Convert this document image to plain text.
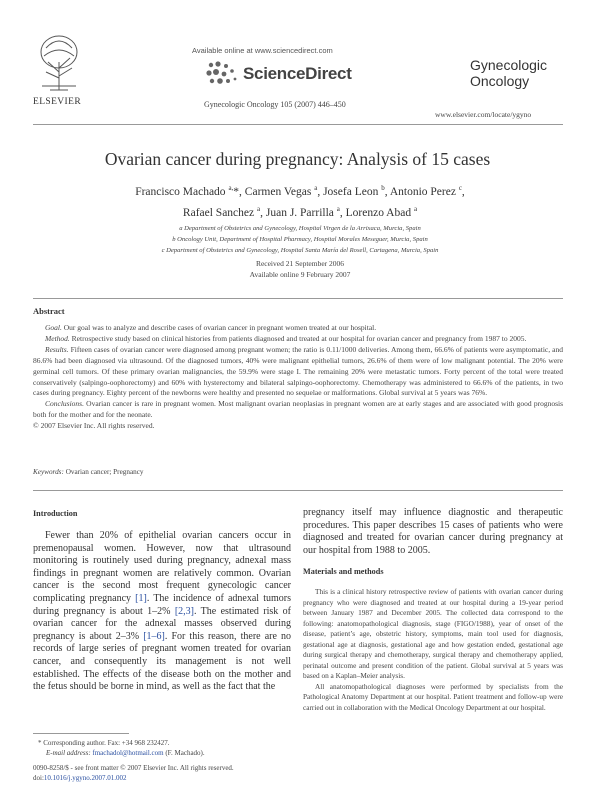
ELSEVIER
Available online at www.sciencedirect.com
ScienceDirect
Gynecologic Oncology 105 (2007) 446–450
Gynecologic
Oncology
www.elsevier.com/locate/ygyno
Ovarian cancer during pregnancy: Analysis of 15 cases
Francisco Machado $^{a,}$*, Carmen Vegas $^a$, Josefa Leon $^b$, Antonio Perez $^c$,
Rafael Sanchez $^a$, Juan J. Parrilla $^a$, Lorenzo Abad $^a$
a Department of Obstetrics and Gynecology, Hospital Virgen de la Arrixaca, Murcia, Spain
b Oncology Unit, Department of Hospital Pharmacy, Hospital Morales Meseguer, Murcia, Spain
c Department of Obstetrics and Gynecology, Hospital Santa María del Rosell, Cartagena, Murcia, Spain
Received 21 September 2006
Available online 9 February 2007
Abstract

Goal. Our goal was to analyze and describe cases of ovarian cancer in pregnant women treated at our hospital.

Method. Retrospective study based on clinical histories from patients diagnosed and treated at our hospital for ovarian cancer and pregnancy from 1987 to 2005.

Results. Fifteen cases of ovarian cancer were diagnosed among pregnant women; the ratio is 0.11/1000 deliveries. Among them, 66.6% of patients were asymptomatic, and 86.6% had been diagnosed via ultrasound. Of the diagnosed tumors, 40% were malignant epithelial tumors, 26.6% of them were of low malignant potential. The 20% were germinal cell tumors. Of these primary ovarian malignancies, the 59.9% were stage I. The remaining 20% were metastatic tumors. Forty percent of the total were treated conservatively (salpingo-oophorectomy) and 60% with hysterectomy and bilateral salpingo-oophorectomy. Chemotherapy was administered to 66.6% of the patients, in two cases during pregnancy. Eighty percent of the newborns were healthy and presented no sequelae or malformations. Global survival at 5 years was 76%.

Conclusions. Ovarian cancer is rare in pregnant women. Most malignant ovarian neoplasias in pregnant women are at early stages and are associated with good prognosis both for the mother and for the neonate.

© 2007 Elsevier Inc. All rights reserved.

Keywords: Ovarian cancer; Pregnancy
Introduction
Fewer than 20% of epithelial ovarian cancers occur in premenopausal women. However, now that ultrasound monitoring is routinely used during pregnancy, adnexal mass findings in pregnant women are relatively common. Ovarian cancer is the second most frequent gynecologic cancer complicating pregnancy [1]. The incidence of adnexal tumors during pregnancy is about 1–2% [2,3]. The estimated risk of ovarian cancer for the adnexal masses observed during pregnancy is about 2–3% [1–6]. For this reason, there are no records of large series of pregnant women treated for ovarian cancer, and consequently its management is not well established. The effects of the disease both on the mother and the fetus should be borne in mind, as well as the fact that the
* Corresponding author. Fax: +34 968 232427.
E-mail address: fmachadol@hotmail.com (F. Machado).
0090-8258/$ - see front matter © 2007 Elsevier Inc. All rights reserved.
doi:10.1016/j.ygyno.2007.01.002
pregnancy itself may influence diagnostic and therapeutic procedures. This paper describes 15 cases of patients who were diagnosed and treated for ovarian cancer during pregnancy at our hospital from 1988 to 2005.
Materials and methods

This is a clinical history retrospective review of patients with ovarian cancer during pregnancy who were diagnosed and treated at our hospital during a 19-year period between January 1987 and December 2005. The collected data correspond to the following: anatomopathological diagnosis, stage (FIGO/1988), year of onset of the disease, patient’s age, obstetric history, symptoms, main tool used for diagnosis, gestational age at diagnosis, gestational age and how gestation ended, gestational age during surgical therapy and chemotherapy, surgical therapy and chemotherapy applied, perinatal outcome and present condition of the patient. Global survival at 5 years was based on a Kaplan–Meier analysis.

All anatomopathological diagnoses were performed by specialists from the Pathological Anatomy Department at our hospital. Patient treatment and follow-up were carried out in collaboration with the Medical Oncology Department at our hospital.
